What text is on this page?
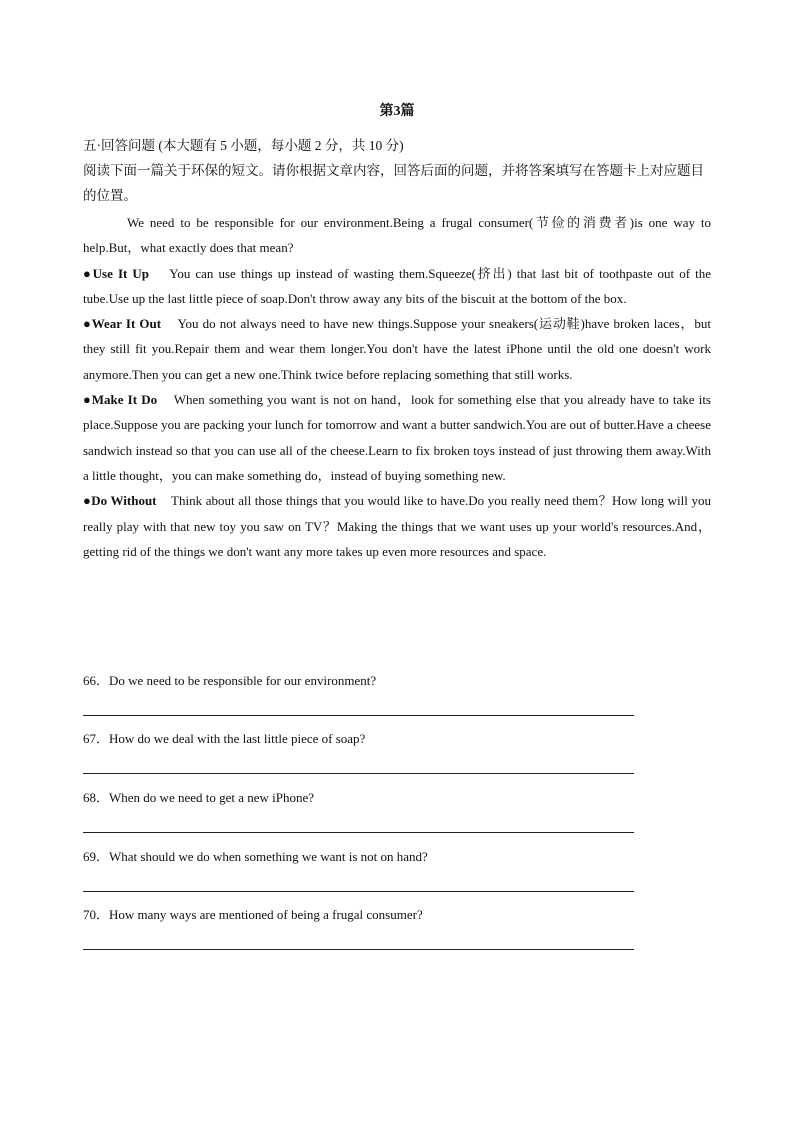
第3篇
五·回答问题 (本大题有 5 小题，每小题 2 分，共 10 分)
阅读下面一篇关于环保的短文。请你根据文章内容，回答后面的问题，并将答案填写在答题卡上对应题目的位置。

We need to be responsible for our environment.Being a frugal consumer(节俭的消费者)is one way to help.But，what exactly does that mean?

●Use It Up You can use things up instead of wasting them.Squeeze(挤出) that last bit of toothpaste out of the tube.Use up the last little piece of soap.Don't throw away any bits of the biscuit at the bottom of the box.

●Wear It Out You do not always need to have new things.Suppose your sneakers(运动鞋)have broken laces，but they still fit you.Repair them and wear them longer.You don't have the latest iPhone until the old one doesn't work anymore.Then you can get a new one.Think twice before replacing something that still works.

●Make It Do When something you want is not on hand，look for something else that you already have to take its place.Suppose you are packing your lunch for tomorrow and want a butter sandwich.You are out of butter.Have a cheese sandwich instead so that you can use all of the cheese.Learn to fix broken toys instead of just throwing them away.With a little thought，you can make something do，instead of buying something new.

●Do Without Think about all those things that you would like to have.Do you really need them？How long will you really play with that new toy you saw on TV？Making the things that we want uses up your world's resources.And，getting rid of the things we don't want any more takes up even more resources and space.

66．Do we need to be responsible for our environment?
67．How do we deal with the last little piece of soap?
68．When do we need to get a new iPhone?
69．What should we do when something we want is not on hand?
70．How many ways are mentioned of being a frugal consumer?
